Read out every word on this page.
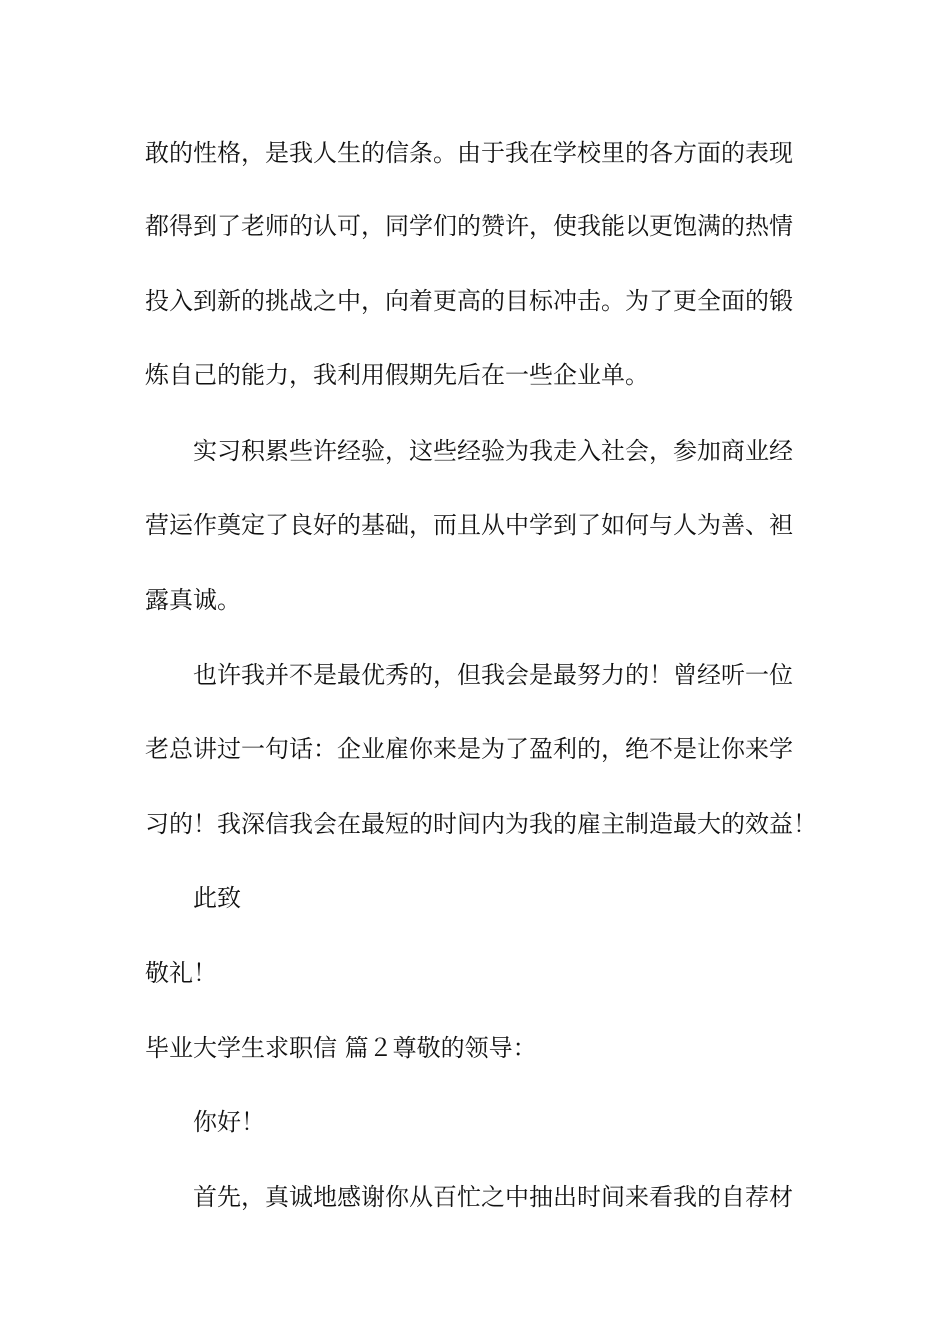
敢的性格，是我人生的信条。由于我在学校里的各方面的表现
都得到了老师的认可，同学们的赞许，使我能以更饱满的热情
投入到新的挑战之中，向着更高的目标冲击。为了更全面的锻
炼自己的能力，我利用假期先后在一些企业单。
实习积累些许经验，这些经验为我走入社会，参加商业经
营运作奠定了良好的基础，而且从中学到了如何与人为善、袒
露真诚。
也许我并不是最优秀的，但我会是最努力的！曾经听一位
老总讲过一句话：企业雇你来是为了盈利的，绝不是让你来学
习的！我深信我会在最短的时间内为我的雇主制造最大的效益！
此致
敬礼！
毕业大学生求职信 篇２尊敬的领导：
你好！
首先，真诚地感谢你从百忙之中抽出时间来看我的自荐材
